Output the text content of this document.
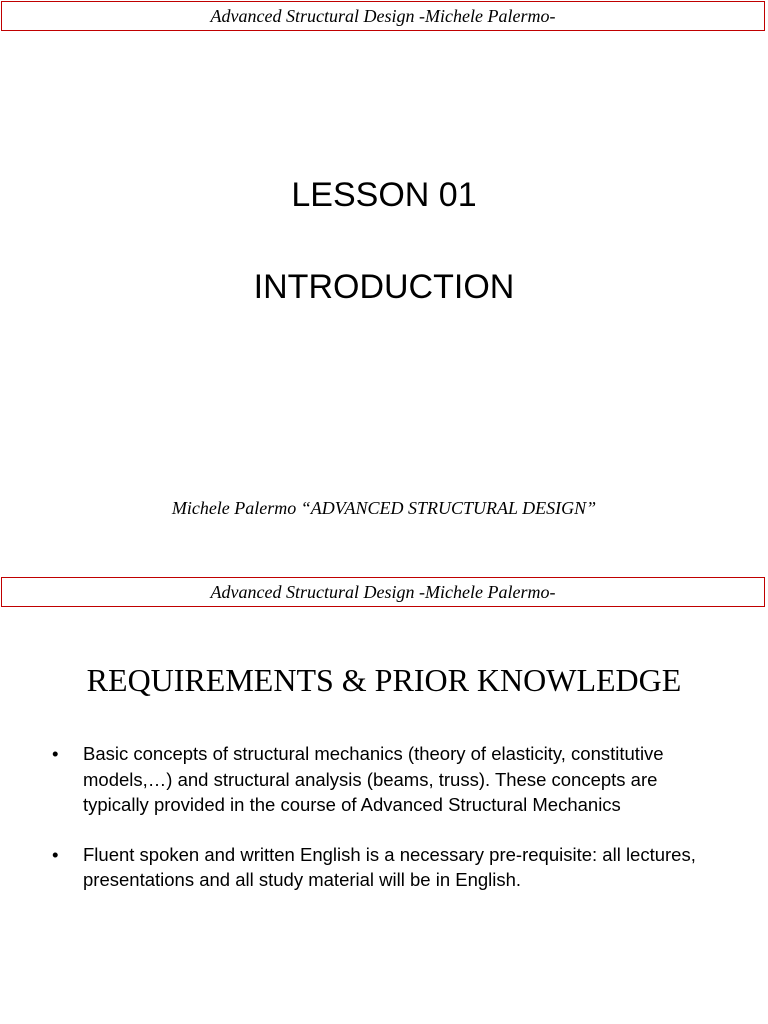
Advanced Structural Design -Michele Palermo-
LESSON 01
INTRODUCTION
Michele Palermo “ADVANCED STRUCTURAL DESIGN”
Advanced Structural Design -Michele Palermo-
REQUIREMENTS & PRIOR KNOWLEDGE
• Basic concepts of structural mechanics (theory of elasticity, constitutive models,…) and structural analysis (beams, truss). These concepts are typically provided in the course of Advanced Structural Mechanics
• Fluent spoken and written English is a necessary pre-requisite: all lectures, presentations and all study material will be in English.
